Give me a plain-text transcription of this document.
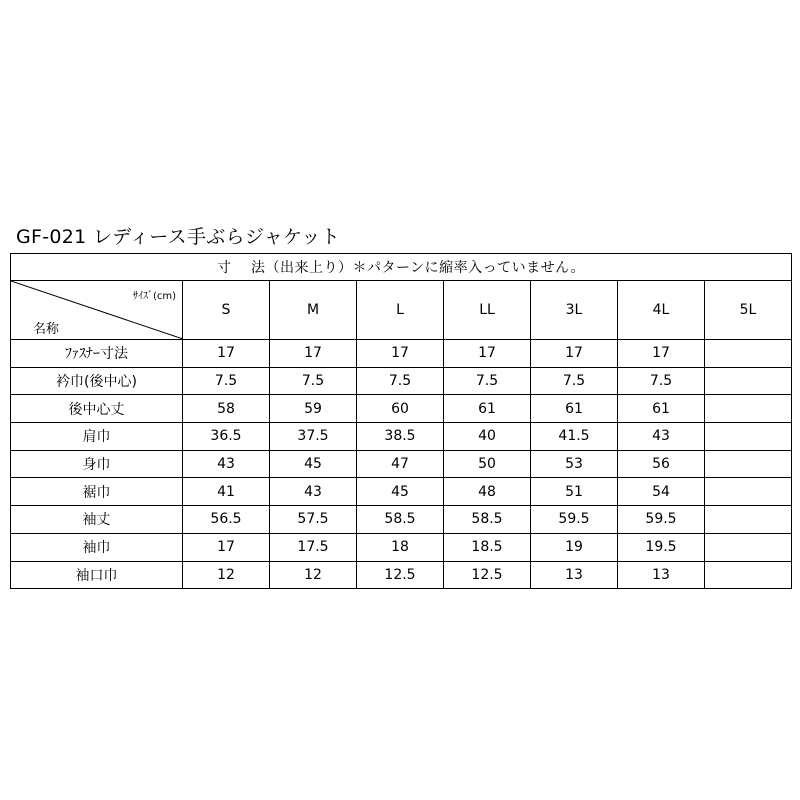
GF-021 レディース手ぶらジャケット
寸　 法（出来上り）＊パターンに縮率入っていません。							

ｻｲｽﾞ(cm)
名称	S	M	L	LL	3L	4L	5L
ﾌｧｽﾅｰ寸法	17	17	17	17	17	17	
衿巾(後中心)	7.5	7.5	7.5	7.5	7.5	7.5	
後中心丈	58	59	60	61	61	61	
肩巾	36.5	37.5	38.5	40	41.5	43	
身巾	43	45	47	50	53	56	
裾巾	41	43	45	48	51	54	
袖丈	56.5	57.5	58.5	58.5	59.5	59.5	
袖巾	17	17.5	18	18.5	19	19.5	
袖口巾	12	12	12.5	12.5	13	13	
